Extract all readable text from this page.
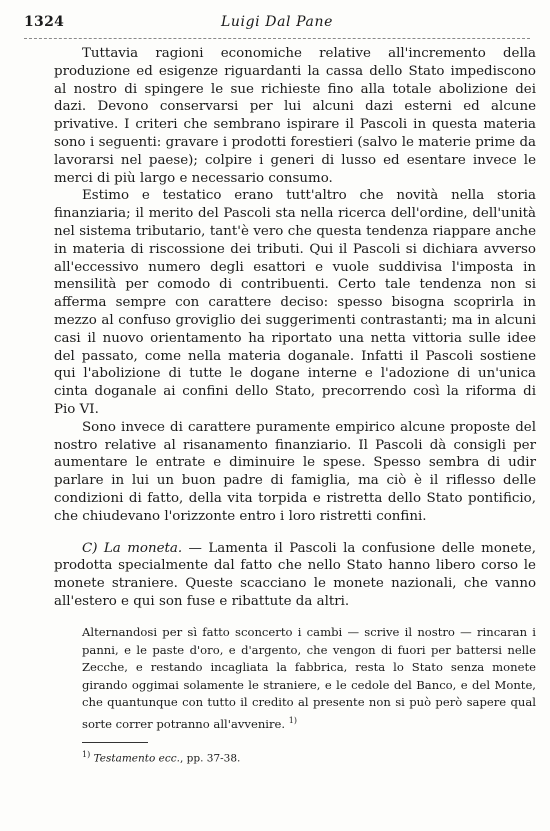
1324	Luigi Dal Pane

Tuttavia ragioni economiche relative all'incremento della produzione ed esigenze riguardanti la cassa dello Stato impediscono al nostro di spingere le sue richieste fino alla totale abolizione dei dazi. Devono conservarsi per lui alcuni dazi esterni ed alcune privative. I criteri che sembrano ispirare il Pascoli in questa materia sono i seguenti: gravare i prodotti forestieri (salvo le materie prime da lavorarsi nel paese); colpire i generi di lusso ed esentare invece le merci di più largo e necessario consumo.

Estimo e testatico erano tutt'altro che novità nella storia finanziaria; il merito del Pascoli sta nella ricerca dell'ordine, dell'unità nel sistema tributario, tant'è vero che questa tendenza riappare anche in materia di riscossione dei tributi. Qui il Pascoli si dichiara avverso all'eccessivo numero degli esattori e vuole suddivisa l'imposta in mensilità per comodo di contribuenti. Certo tale tendenza non si afferma sempre con carattere deciso: spesso bisogna scoprirla in mezzo al confuso groviglio dei suggerimenti contrastanti; ma in alcuni casi il nuovo orientamento ha riportato una netta vittoria sulle idee del passato, come nella materia doganale. Infatti il Pascoli sostiene qui l'abolizione di tutte le dogane interne e l'adozione di un'unica cinta doganale ai confini dello Stato, precorrendo così la riforma di Pio VI.

Sono invece di carattere puramente empirico alcune proposte del nostro relative al risanamento finanziario. Il Pascoli dà consigli per aumentare le entrate e diminuire le spese. Spesso sembra di udir parlare in lui un buon padre di famiglia, ma ciò è il riflesso delle condizioni di fatto, della vita torpida e ristretta dello Stato pontificio, che chiudevano l'orizzonte entro i loro ristretti confini.

C) La moneta. — Lamenta il Pascoli la confusione delle monete, prodotta specialmente dal fatto che nello Stato hanno libero corso le monete straniere. Queste scacciano le monete nazionali, che vanno all'estero e qui son fuse e ribattute da altri.

Alternandosi per sì fatto sconcerto i cambi — scrive il nostro — rincaran i panni, e le paste d'oro, e d'argento, che vengon di fuori per battersi nelle Zecche, e restando incagliata la fabbrica, resta lo Stato senza monete girando oggimai solamente le straniere, e le cedole del Banco, e del Monte, che quantunque con tutto il credito al presente non si può però sapere qual sorte correr potranno all'avvenire. $^{1)}$

$^{1)}$ Testamento ecc., pp. 37-38.
